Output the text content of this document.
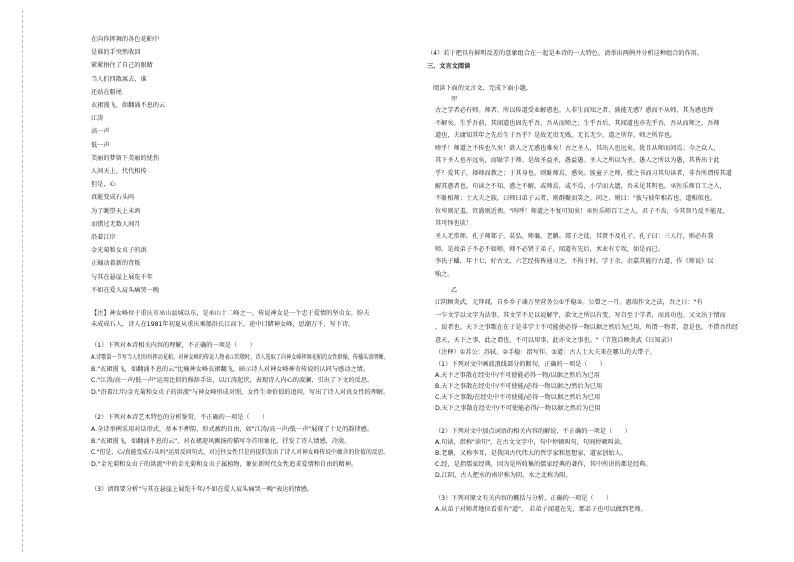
在向你挥舞的各色花帕中
是谁的手突然收回
紧紧捂住了自己的眼睛
当人们四散离去，谁
还站在船尾
衣裙漫飞，如翻涌不息的云
江涛
高一声
低一声
美丽的梦留下美丽的忧伤
人间天上，代代相传
但是，心
真能变成石头吗
为了眺望天上未鸿
而错过无数人间月
沿着江岸
金光菊和女贞子的洪
正煽动着新的背叛
与其在悬崖上展览千年
不如在爱人肩头痛哭一晚
【注】神女峰位于重庆市巫山县城以东，是巫山十二峰之一，传说神女是一个忠于爱情的坚贞女，盼夫
未成成石人，诗人在1981年初夏从重庆乘船沿长江而下，途中目睹神女峰，思潮万千，写下诗。
（1）下列对本诗相关内容的理解，不正确的一项是（　　）
A.诗歌第一节写当人们纷纷挥动花帕，对神女峰的传说人物表示钦敬时，诗人选取了向神女峰挥舞花帕的女性群像，传播头效明晰。
B."衣裙漫飞，如翻涌不息的云"比喻神女峰衣裙翻飞，暗示诗人对神女峰神奇传说的认同与感动之情。
C."江涛/高一声/低一声"运用比拟的修辞手法，以江涛起伏，表现诗人内心的波澜，引出了下文的反思。
D."沿着江岸/金光菊和女贞子的洪流"与神女峰形成对照，女性生命价值的追问，写出了诗人对真女性的理解。
（2）下列对本诗艺术特色的分析鉴赏，不正确的一项是（　　）
A.全诗举例采用对话形式，基本不押韵，形式被约自由，如"江涛/高一声/低一声"展现了十足的韵律感。
B."衣裙漫飞，如翻涌不息的云"，对衣裙迎风飘扬的描写今首形象化，抒发了诗人情感，冷淡。
C."但是，心/真能变成石头吗"运用反问句式，对过往女性只是的提倡发出了诗人对神女峰传说中蕴含的价值的反思。
D."金光菊和女贞子的洪流"中的金光菊和女贞子属植物，象征新时代女性追求爱情和自由的精神。
（3）请简要分析"与其在悬崖上展览千年/不如在爱人肩头痛哭一晚"表达的情感。
（4）若于把具有鲜明反差的意象组合在一起是本诗的一大特色，请举出两例并分析这种组合的作用。
三、文言文阅读
阅读下面的文言文，完成下面小题。
甲
古之学者必有师。师者，所以传道受业解惑也。人非生而知之者，孰能无惑？惑而不从师，其为惑也终
不解矣。生乎吾前，其闻道也固先乎吾，吾从而师之；生乎吾后，其闻道也亦先乎吾，吾从而师之。吾师
道也，夫庸知其年之先后生于吾乎？是故无贵无贱，无长无少，道之所存，师之所存也。
嗟乎！师道之不传也久矣！欲人之无惑也难矣！古之圣人，其出人也远矣，犹且从师而问焉；今之众人，
其下圣人也亦远矣，而耻学于师。是故圣益圣，愚益愚。圣人之所以为圣，愚人之所以为愚，其皆出于此
乎？爱其子，择师而教之；于其身也，则耻师焉，惑矣。彼童子之师，授之书而习其句读者，非吾所谓传其道
解其惑者也。句读之不知，惑之不解，或师焉，或不焉，小学而大遗，吾未见其明也。巫医乐师百工之人，
不耻相师；士大夫之族，曰师曰弟子云者，则群聚而笑之。问之，则曰："彼与彼年相若也，道相似也。
位卑则足羞，官盛则近谀。"呜呼！师道之不复可知矣！巫医乐师百工之人，君子不齿，今其智乃反不能及，
其可怪也欤！
圣人无常师。孔子师郯子、苌弘、师襄、老聃。郯子之徒，其贤不及孔子。孔子曰：三人行，则必有我
师。是故弟子不必不如师，师不必贤于弟子，闻道有先后，术业有专攻，如是而已。
李氏子蟠，年十七，好古文，六艺经传皆通习之，不拘于时，学于余。余嘉其能行古道，作《师说》以
贻之。
乙
江阴顾炎武，元拜闻，自乡乡子诵万里营务公①乎稳②。公曾之一月。惠端作文之法，吾之日："有
一乍文学以文字为法事，其文学不足以说解宇，欲文之所以有变，写自至于学者，而真功也。又文出于情而
，说者也。天下之事歌在在于是非学士不可能使必得一物以据之然后为已用，所谓一物者，意是也。不借吾纬经
意天，天下之事，此之谓也，不可以用事，此亦文之事也。"（节选自顾炎武《日知录》）
（注释）①苏公：苏轼。②手稳：指写作。③道：古人士大夫来在哪儿的大带子。
（1）下列对文中画波浪线部分的断句，正确的一项是（　　）
A.天下之事散在经史中/不可使能必得一物/以据之然后为已用
B.天下之事散在经史中/不可使能/必得一物以据之/然后为已用
C.天下之事散/在经史中不可使能/必得一物以据之然后为已用
D.天下之事散在经史中/不可使能必得/一物以据之然后为已用
（2）下列对文中加点词语的相关内容的解说，不正确的一项是（　　）
A.句读，指称"读句"，在古文文字中，句中停顿叫句，句间停顿叫读。
B.老聃，又称李耳，是我国古代伟大的哲学家和思想家，道家创始人。
C.经，是指儒家经典，因为是所收集的儒家经典的著作，其中所讲的都是经典。
D.江阴，古人把水的南岸称为阴，水之北称为阳。
（3）下列对原文有关内容的概括与分析，正确的一项是（　　）
A.从弟子对师者地位看重有"道"。 若弟子闻道在先，那弟子也可以做到老师。
